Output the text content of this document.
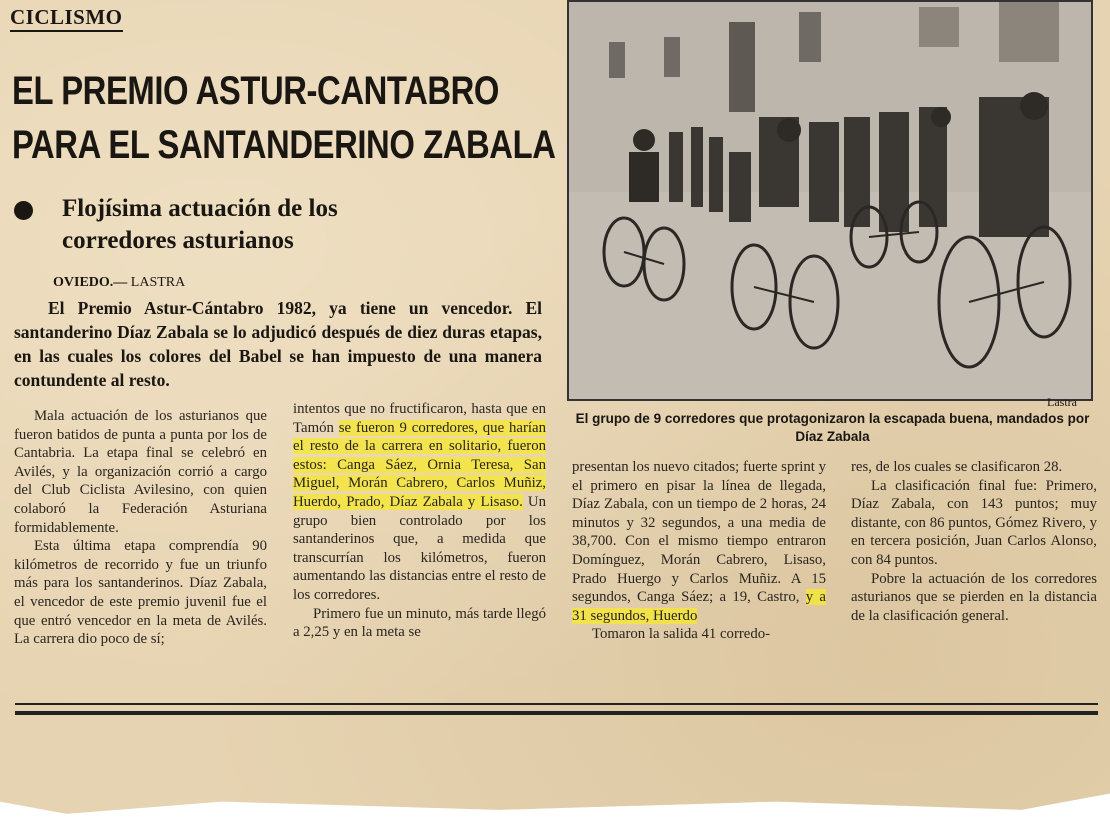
CICLISMO
EL PREMIO ASTUR-CANTABRO
PARA EL SANTANDERINO ZABALA
Flojísima actuación de los
corredores asturianos
OVIEDO.— LASTRA
El Premio Astur-Cántabro 1982, ya tiene un vencedor. El santanderino Díaz Zabala se lo adjudicó después de diez duras etapas, en las cuales los colores del Babel se han impuesto de una manera contundente al resto.

Mala actuación de los asturianos que fueron batidos de punta a punta por los de Cantabria. La etapa final se celebró en Avilés, y la organización corrió a cargo del Club Ciclista Avilesino, con quien colaboró la Federación Asturiana formidablemente.

Esta última etapa comprendía 90 kilómetros de recorrido y fue un triunfo más para los santanderinos. Díaz Zabala, el vencedor de este premio juvenil fue el que entró vencedor en la meta de Avilés. La carrera dio poco de sí;

intentos que no fructificaron, hasta que en Tamón se fueron 9 corredores, que harían el resto de la carrera en solitario, fueron estos: Canga Sáez, Ornia Teresa, San Miguel, Morán Cabrero, Carlos Muñiz, Huerdo, Prado, Díaz Zabala y Lisaso. Un grupo bien controlado por los santanderinos que, a medida que transcurrían los kilómetros, fueron aumentando las distancias entre el resto de los corredores.

Primero fue un minuto, más tarde llegó a 2,25 y en la meta se

Lastra
El grupo de 9 corredores que protagonizaron la escapada buena, mandados por Díaz Zabala

presentan los nuevo citados; fuerte sprint y el primero en pisar la línea de llegada, Díaz Zabala, con un tiempo de 2 horas, 24 minutos y 32 segundos, a una media de 38,700. Con el mismo tiempo entraron Domínguez, Morán Cabrero, Lisaso, Prado Huergo y Carlos Muñiz. A 15 segundos, Canga Sáez; a 19, Castro, y a 31 segundos, Huerdo

Tomaron la salida 41 corredo-

res, de los cuales se clasificaron 28.

La clasificación final fue: Primero, Díaz Zabala, con 143 puntos; muy distante, con 86 puntos, Gómez Rivero, y en tercera posición, Juan Carlos Alonso, con 84 puntos.

Pobre la actuación de los corredores asturianos que se pierden en la distancia de la clasificación general.
